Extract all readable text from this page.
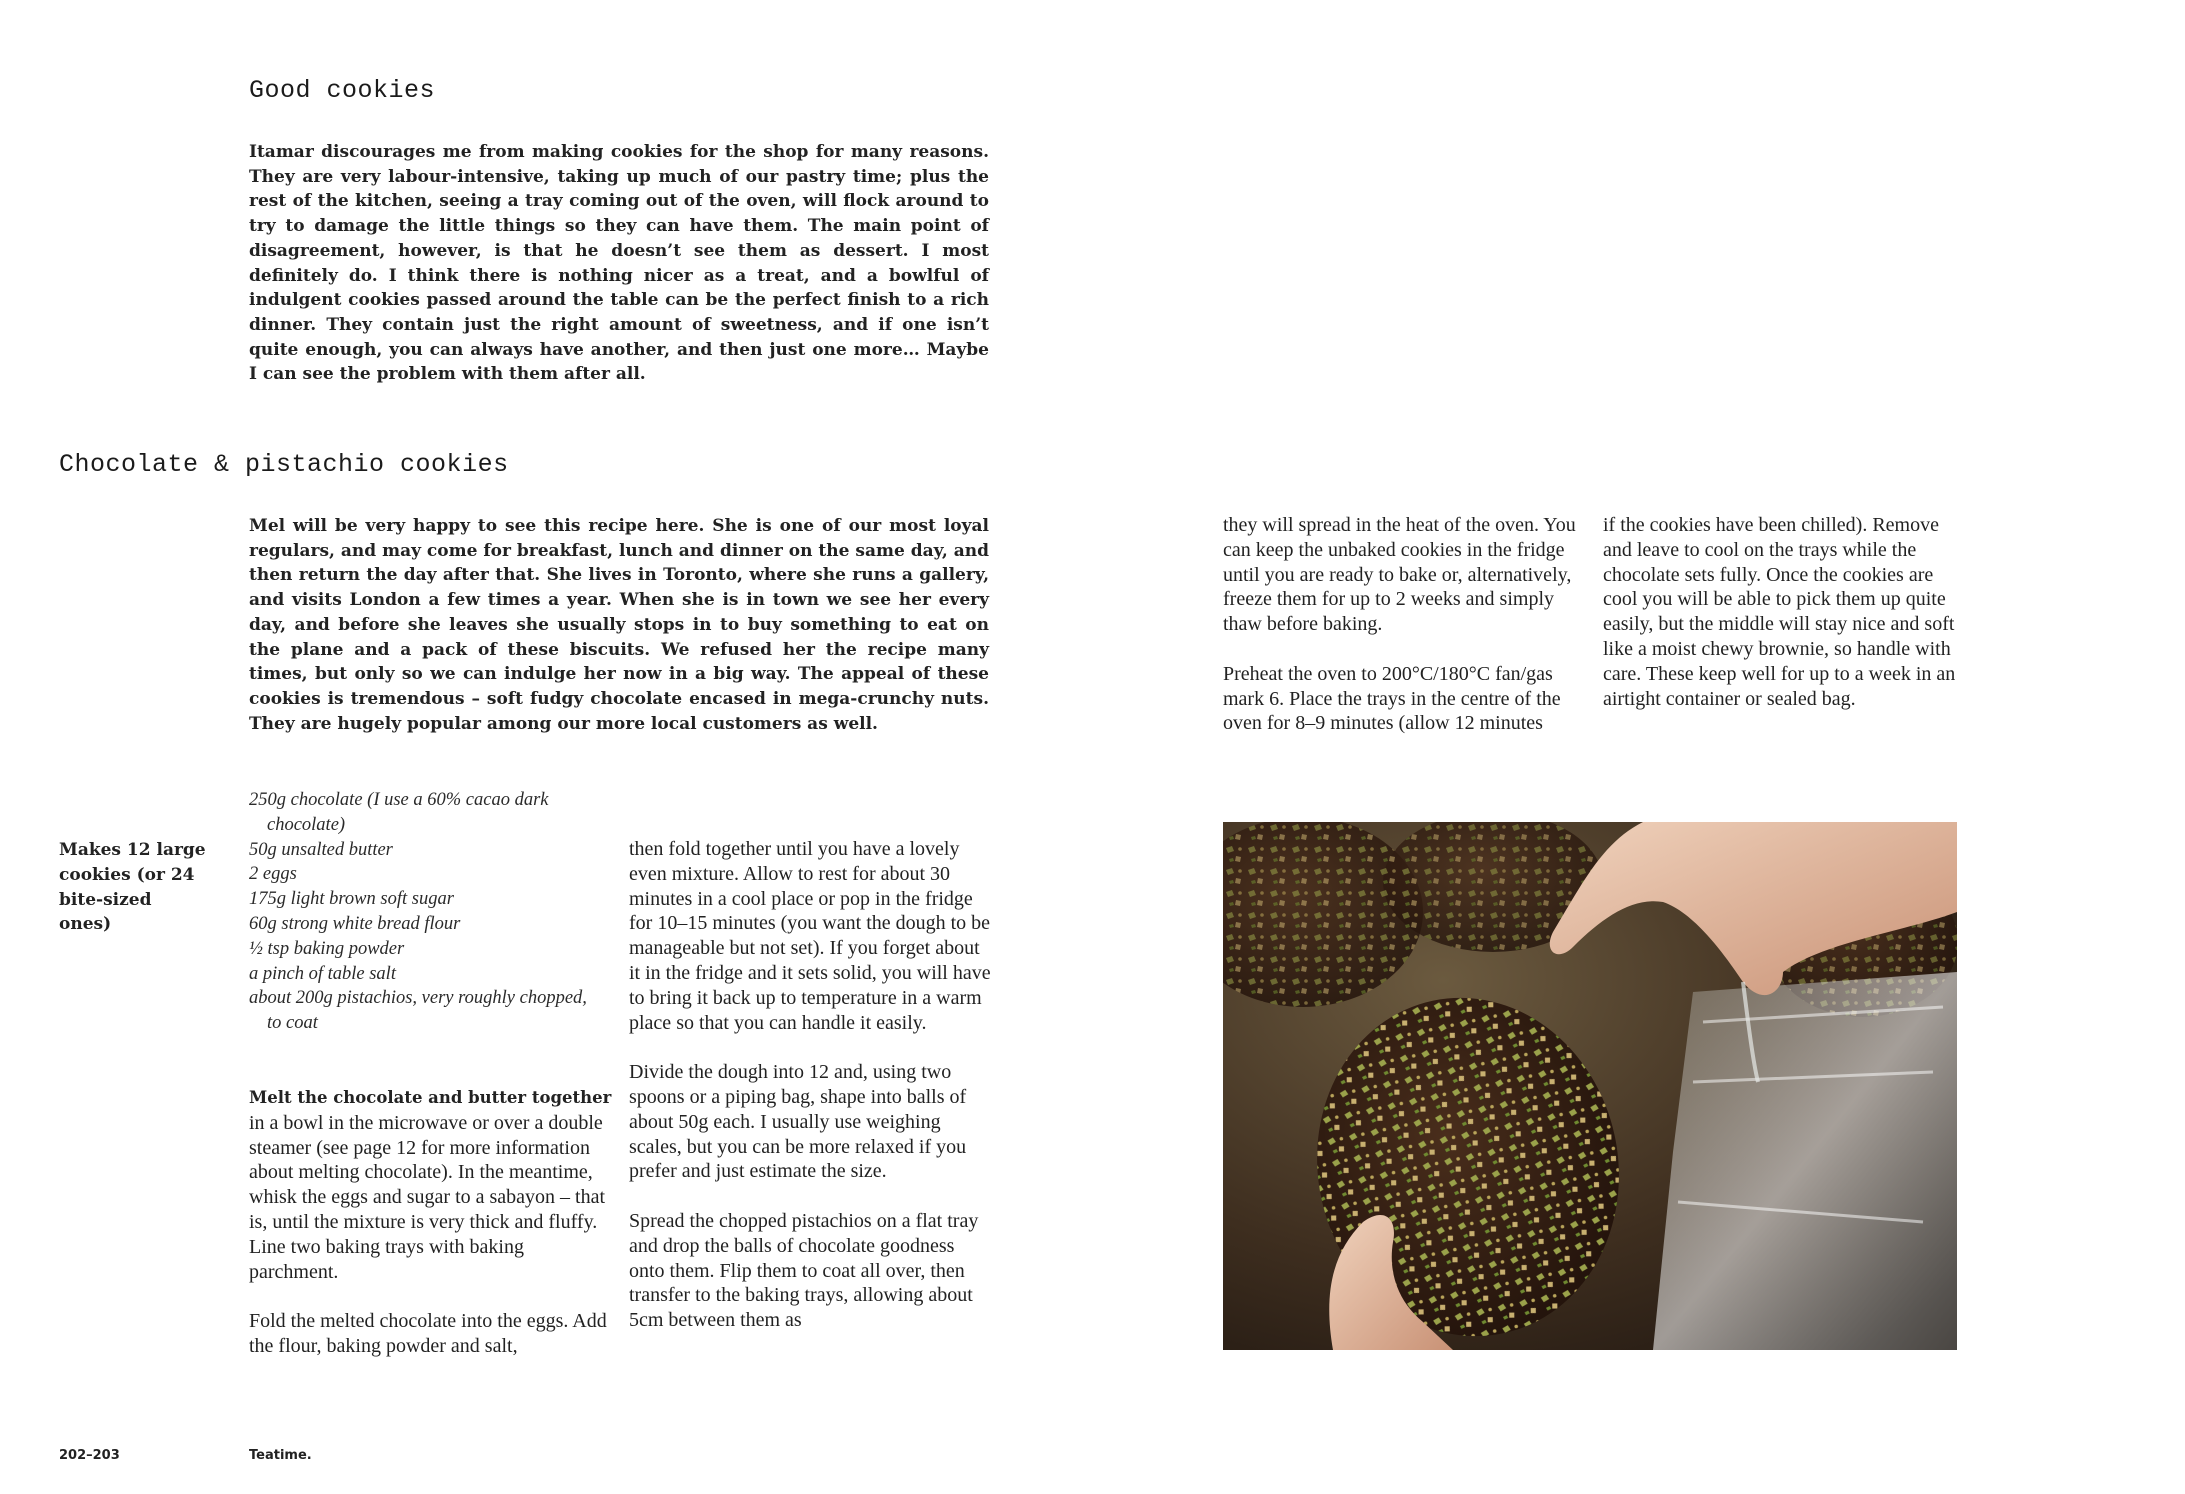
Good cookies

Itamar discourages me from making cookies for the shop for many reasons. They are very labour-intensive, taking up much of our pastry time; plus the rest of the kitchen, seeing a tray coming out of the oven, will flock around to try to damage the little things so they can have them. The main point of disagreement, however, is that he doesn’t see them as dessert. I most definitely do. I think there is nothing nicer as a treat, and a bowlful of indulgent cookies passed around the table can be the perfect finish to a rich dinner. They contain just the right amount of sweetness, and if one isn’t quite enough, you can always have another, and then just one more… Maybe I can see the problem with them after all.

Chocolate & pistachio cookies

Mel will be very happy to see this recipe here. She is one of our most loyal regulars, and may come for breakfast, lunch and dinner on the same day, and then return the day after that. She lives in Toronto, where she runs a gallery, and visits London a few times a year. When she is in town we see her every day, and before she leaves she usually stops in to buy something to eat on the plane and a pack of these biscuits. We refused her the recipe many times, but only so we can indulge her now in a big way. The appeal of these cookies is tremendous – soft fudgy chocolate encased in mega-crunchy nuts. They are hugely popular among our more local customers as well.

Makes 12 large cookies (or 24 bite-sized ones)

250g chocolate (I use a 60% cacao dark chocolate)
50g unsalted butter
2 eggs
175g light brown soft sugar
60g strong white bread flour
½ tsp baking powder
a pinch of table salt
about 200g pistachios, very roughly chopped, to coat

Melt the chocolate and butter together in a bowl in the microwave or over a double steamer (see page 12 for more information about melting chocolate). In the meantime, whisk the eggs and sugar to a sabayon – that is, until the mixture is very thick and fluffy. Line two baking trays with baking parchment.

Fold the melted chocolate into the eggs. Add the flour, baking powder and salt,

then fold together until you have a lovely even mixture. Allow to rest for about 30 minutes in a cool place or pop in the fridge for 10–15 minutes (you want the dough to be manageable but not set). If you forget about it in the fridge and it sets solid, you will have to bring it back up to temperature in a warm place so that you can handle it easily.

Divide the dough into 12 and, using two spoons or a piping bag, shape into balls of about 50g each. I usually use weighing scales, but you can be more relaxed if you prefer and just estimate the size.

Spread the chopped pistachios on a flat tray and drop the balls of chocolate goodness onto them. Flip them to coat all over, then transfer to the baking trays, allowing about 5cm between them as

they will spread in the heat of the oven. You can keep the unbaked cookies in the fridge until you are ready to bake or, alternatively, freeze them for up to 2 weeks and simply thaw before baking.

Preheat the oven to 200°C/180°C fan/gas mark 6. Place the trays in the centre of the oven for 8–9 minutes (allow 12 minutes

if the cookies have been chilled). Remove and leave to cool on the trays while the chocolate sets fully. Once the cookies are cool you will be able to pick them up quite easily, but the middle will stay nice and soft like a moist chewy brownie, so handle with care. These keep well for up to a week in an airtight container or sealed bag.

202–203	Teatime.
